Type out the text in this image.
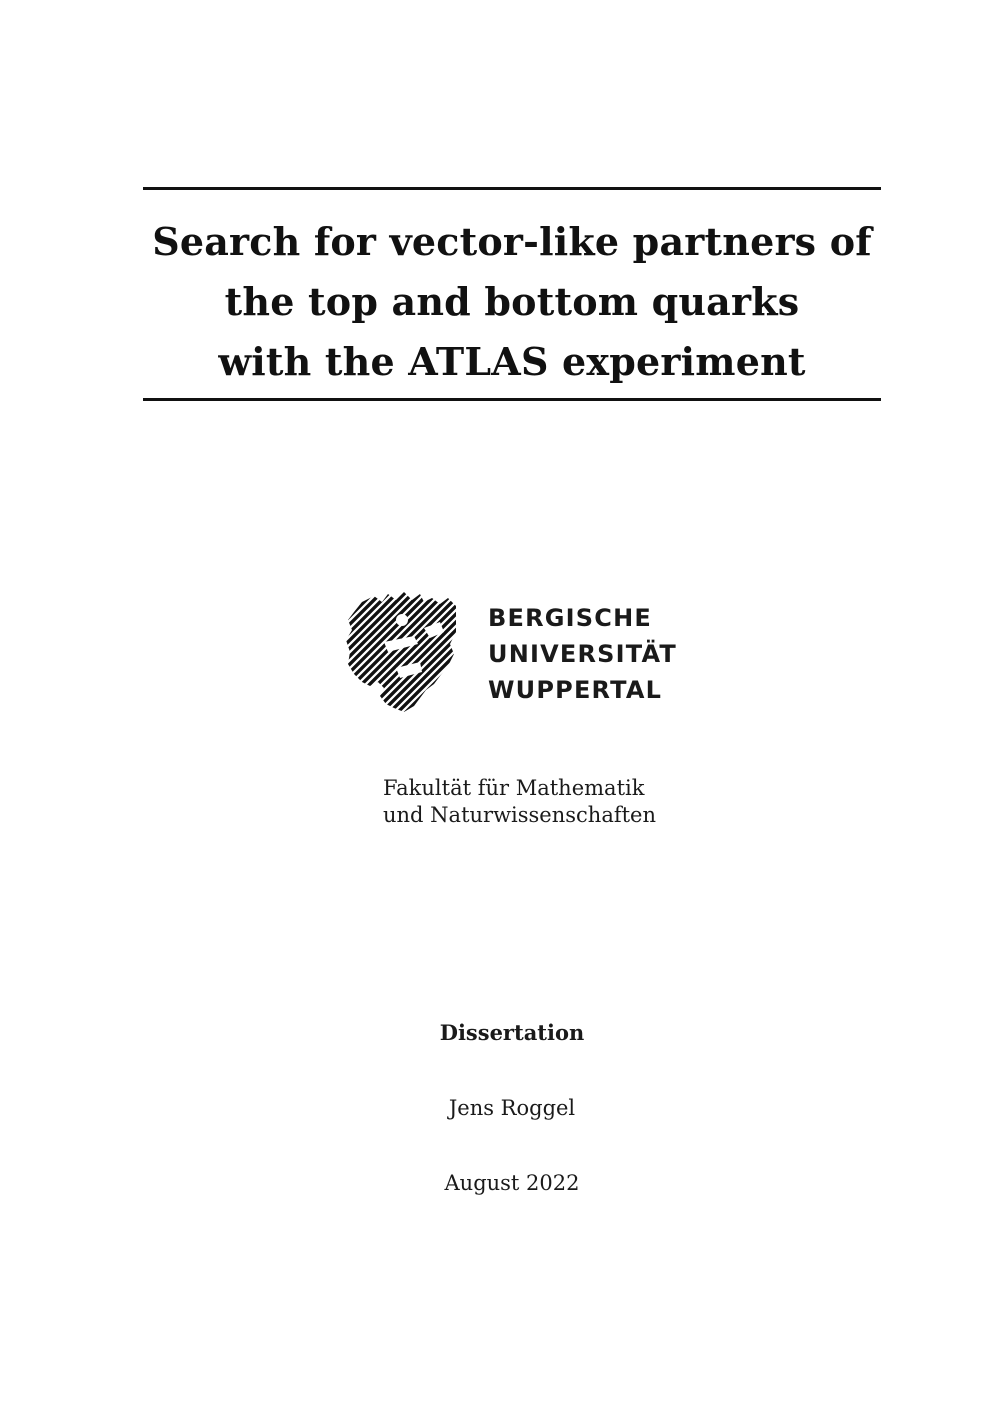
Search for vector-like partners of
the top and bottom quarks
with the ATLAS experiment
BERGISCHE
UNIVERSITÄT
WUPPERTAL
Fakultät für Mathematik
und Naturwissenschaften
Dissertation
Jens Roggel
August 2022
